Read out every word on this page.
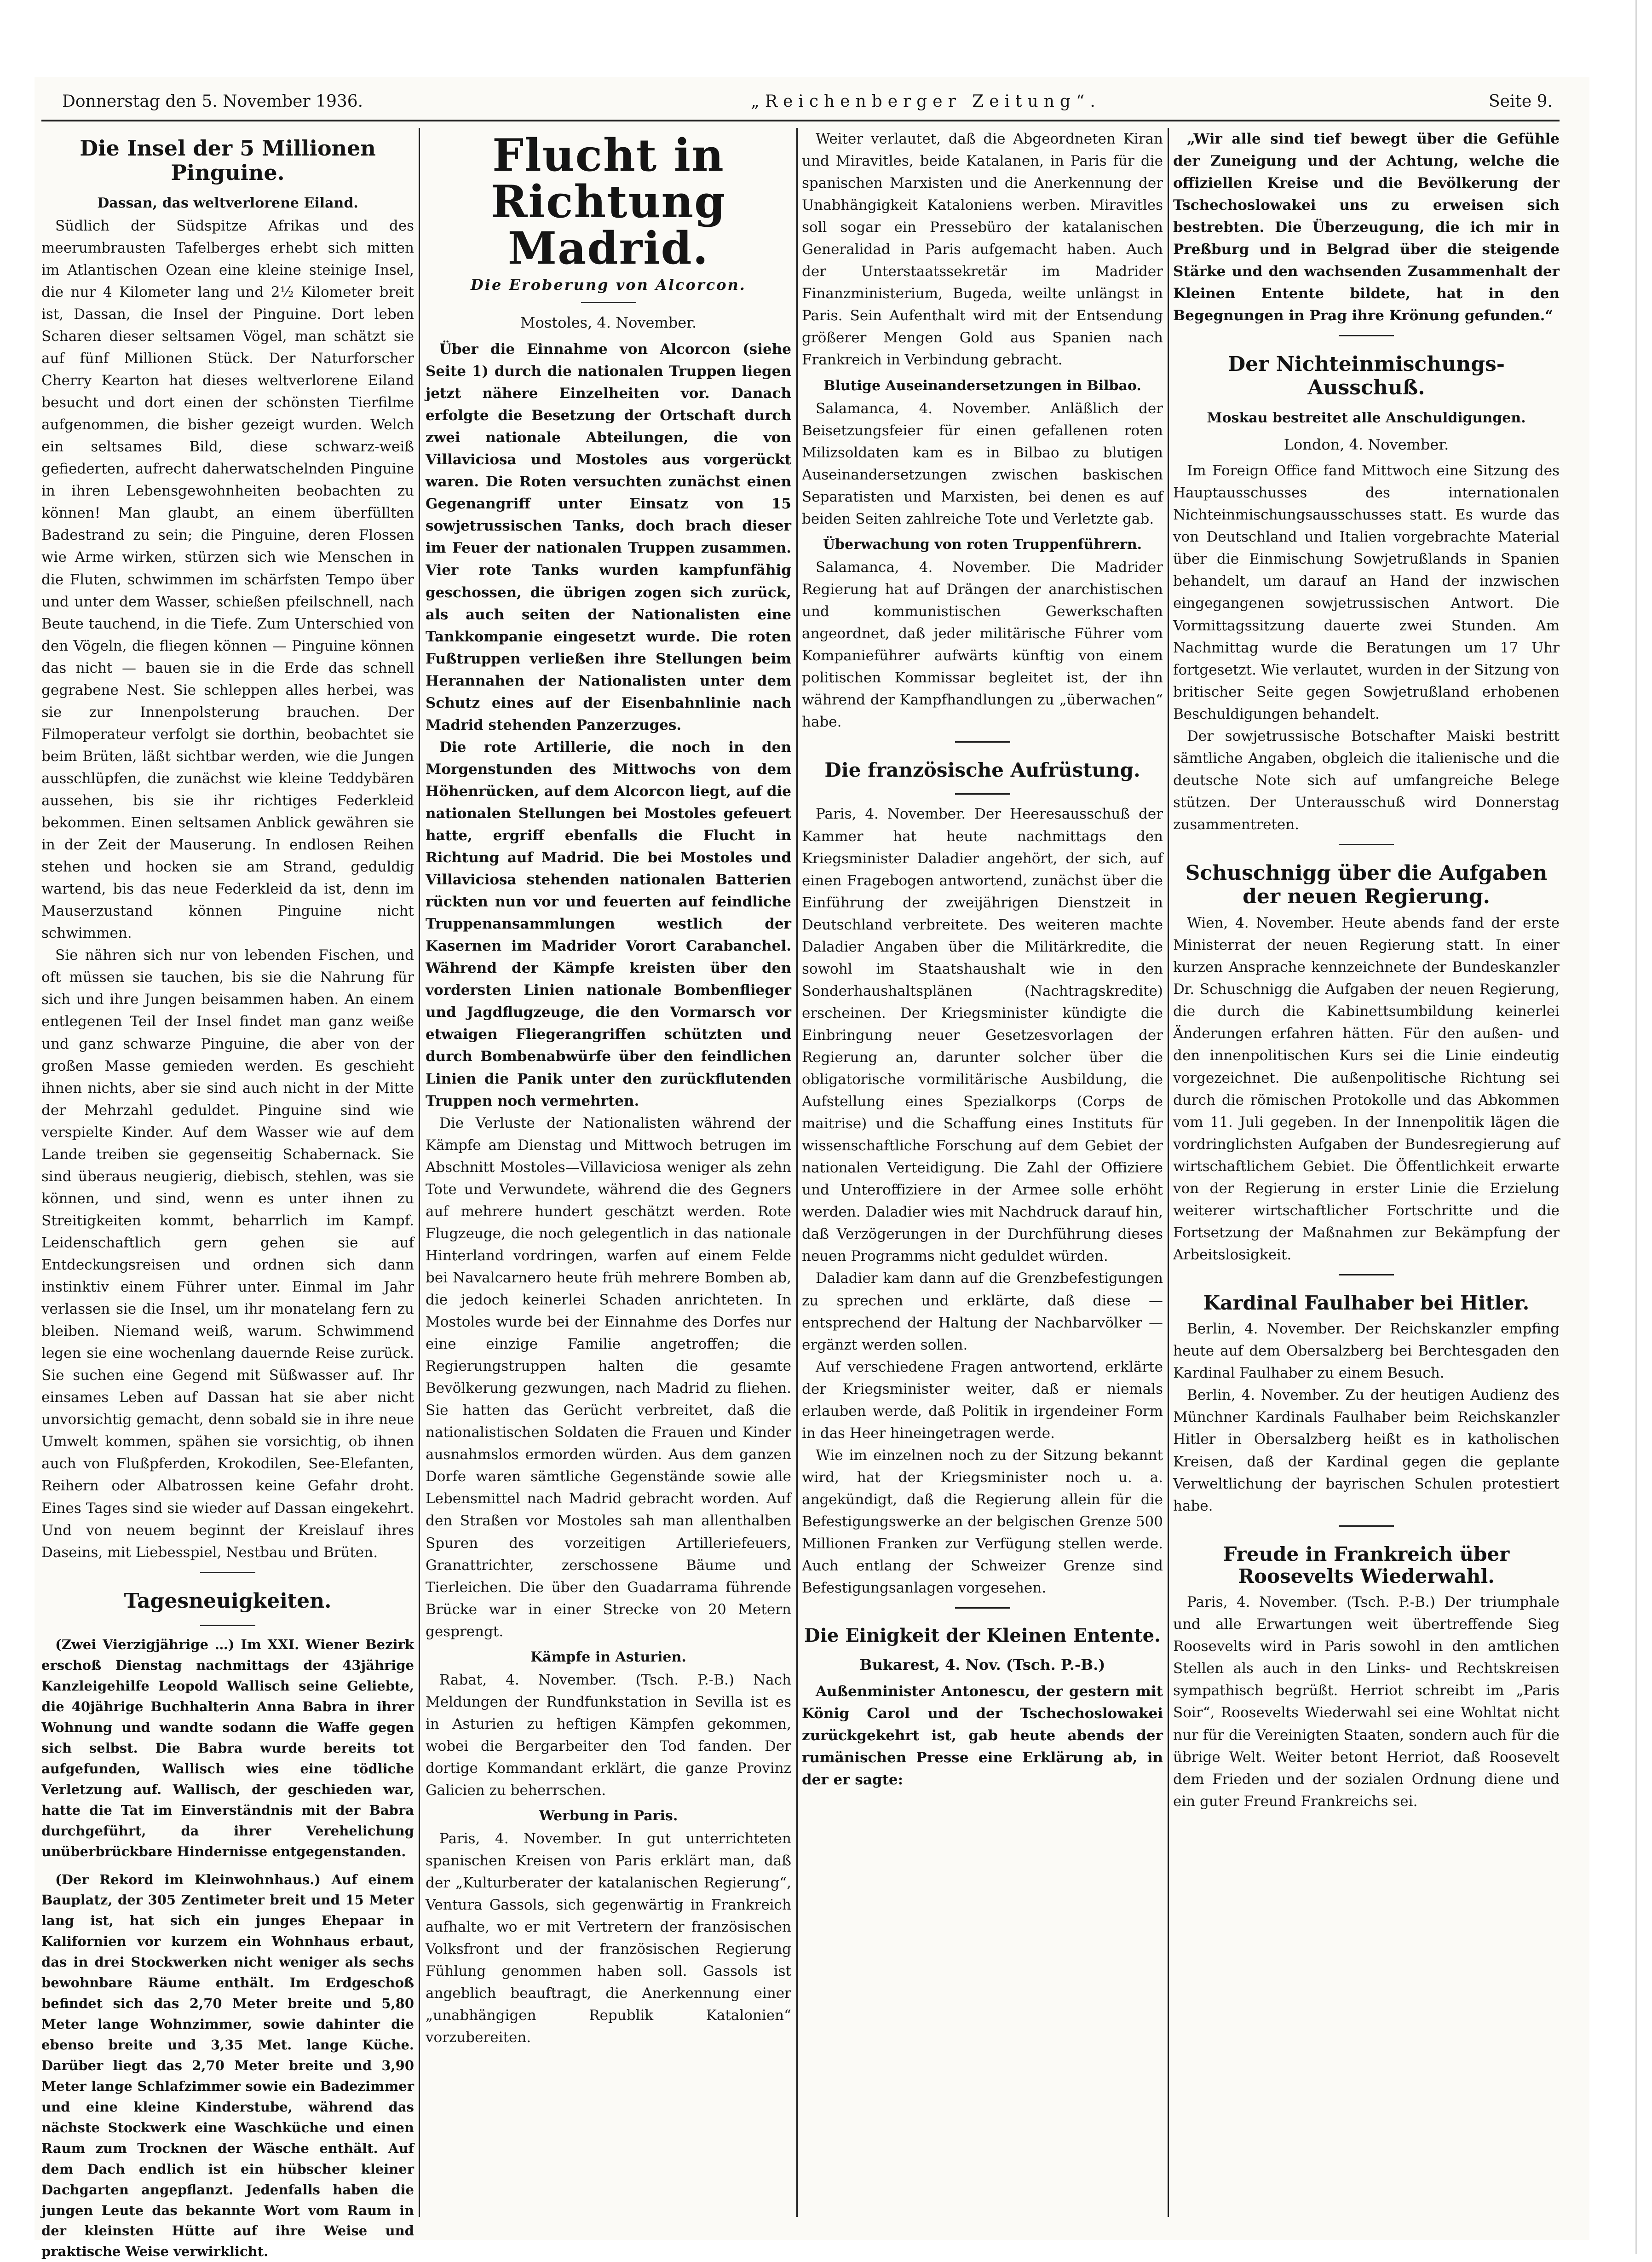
Donnerstag den 5. November 1936.	„Reichenberger Zeitung“.	Seite 9.
Die Insel der 5 Millionen Pinguine.
Dassan, das weltverlorene Eiland.

Südlich der Südspitze Afrikas und des meerumbrausten Tafelberges erhebt sich mitten im Atlantischen Ozean eine kleine steinige Insel, die nur 4 Kilometer lang und 2½ Kilometer breit ist, Dassan, die Insel der Pinguine. Dort leben Scharen dieser seltsamen Vögel, man schätzt sie auf fünf Millionen Stück. Der Naturforscher Cherry Kearton hat dieses weltverlorene Eiland besucht und dort einen der schönsten Tierfilme aufgenommen, die bisher gezeigt wurden. Welch ein seltsames Bild, diese schwarz-weiß gefiederten, aufrecht daherwatschelnden Pinguine in ihren Lebensgewohnheiten beobachten zu können! Man glaubt, an einem überfüllten Badestrand zu sein; die Pinguine, deren Flossen wie Arme wirken, stürzen sich wie Menschen in die Fluten, schwimmen im schärfsten Tempo über und unter dem Wasser, schießen pfeilschnell, nach Beute tauchend, in die Tiefe. Zum Unterschied von den Vögeln, die fliegen können — Pinguine können das nicht — bauen sie in die Erde das schnell gegrabene Nest. Sie schleppen alles herbei, was sie zur Innenpolsterung brauchen. Der Filmoperateur verfolgt sie dorthin, beobachtet sie beim Brüten, läßt sichtbar werden, wie die Jungen ausschlüpfen, die zunächst wie kleine Teddybären aussehen, bis sie ihr richtiges Federkleid bekommen. Einen seltsamen Anblick gewähren sie in der Zeit der Mauserung. In endlosen Reihen stehen und hocken sie am Strand, geduldig wartend, bis das neue Federkleid da ist, denn im Mauserzustand können Pinguine nicht schwimmen.

Sie nähren sich nur von lebenden Fischen, und oft müssen sie tauchen, bis sie die Nahrung für sich und ihre Jungen beisammen haben. An einem entlegenen Teil der Insel findet man ganz weiße und ganz schwarze Pinguine, die aber von der großen Masse gemieden werden. Es geschieht ihnen nichts, aber sie sind auch nicht in der Mitte der Mehrzahl geduldet. Pinguine sind wie verspielte Kinder. Auf dem Wasser wie auf dem Lande treiben sie gegenseitig Schabernack. Sie sind überaus neugierig, diebisch, stehlen, was sie können, und sind, wenn es unter ihnen zu Streitigkeiten kommt, beharrlich im Kampf. Leidenschaftlich gern gehen sie auf Entdeckungsreisen und ordnen sich dann instinktiv einem Führer unter. Einmal im Jahr verlassen sie die Insel, um ihr monatelang fern zu bleiben. Niemand weiß, warum. Schwimmend legen sie eine wochenlang dauernde Reise zurück. Sie suchen eine Gegend mit Süßwasser auf. Ihr einsames Leben auf Dassan hat sie aber nicht unvorsichtig gemacht, denn sobald sie in ihre neue Umwelt kommen, spähen sie vorsichtig, ob ihnen auch von Flußpferden, Krokodilen, See-Elefanten, Reihern oder Albatrossen keine Gefahr droht. Eines Tages sind sie wieder auf Dassan eingekehrt. Und von neuem beginnt der Kreislauf ihres Daseins, mit Liebesspiel, Nestbau und Brüten.

Tagesneuigkeiten.

(Zwei Vierzigjährige …) Im XXI. Wiener Bezirk erschoß Dienstag nachmittags der 43jährige Kanzleigehilfe Leopold Wallisch seine Geliebte, die 40jährige Buchhalterin Anna Babra in ihrer Wohnung und wandte sodann die Waffe gegen sich selbst. Die Babra wurde bereits tot aufgefunden, Wallisch wies eine tödliche Verletzung auf. Wallisch, der geschieden war, hatte die Tat im Einverständnis mit der Babra durchgeführt, da ihrer Verehelichung unüberbrückbare Hindernisse entgegenstanden.

(Der Rekord im Kleinwohnhaus.) Auf einem Bauplatz, der 305 Zentimeter breit und 15 Meter lang ist, hat sich ein junges Ehepaar in Kalifornien vor kurzem ein Wohnhaus erbaut, das in drei Stockwerken nicht weniger als sechs bewohnbare Räume enthält. Im Erdgeschoß befindet sich das 2,70 Meter breite und 5,80 Meter lange Wohnzimmer, sowie dahinter die ebenso breite und 3,35 Met. lange Küche. Darüber liegt das 2,70 Meter breite und 3,90 Meter lange Schlafzimmer sowie ein Badezimmer und eine kleine Kinderstube, während das nächste Stockwerk eine Waschküche und einen Raum zum Trocknen der Wäsche enthält. Auf dem Dach endlich ist ein hübscher kleiner Dachgarten angepflanzt. Jedenfalls haben die jungen Leute das bekannte Wort vom Raum in der kleinsten Hütte auf ihre Weise und praktische Weise verwirklicht.

Flucht in Richtung Madrid.
Die Eroberung von Alcorcon.

Mostoles, 4. November.

Über die Einnahme von Alcorcon (siehe Seite 1) durch die nationalen Truppen liegen jetzt nähere Einzelheiten vor. Danach erfolgte die Besetzung der Ortschaft durch zwei nationale Abteilungen, die von Villaviciosa und Mostoles aus vorgerückt waren. Die Roten versuchten zunächst einen Gegenangriff unter Einsatz von 15 sowjetrussischen Tanks, doch brach dieser im Feuer der nationalen Truppen zusammen. Vier rote Tanks wurden kampfunfähig geschossen, die übrigen zogen sich zurück, als auch seiten der Nationalisten eine Tankkompanie eingesetzt wurde. Die roten Fußtruppen verließen ihre Stellungen beim Herannahen der Nationalisten unter dem Schutz eines auf der Eisenbahnlinie nach Madrid stehenden Panzerzuges.

Die rote Artillerie, die noch in den Morgenstunden des Mittwochs von dem Höhenrücken, auf dem Alcorcon liegt, auf die nationalen Stellungen bei Mostoles gefeuert hatte, ergriff ebenfalls die Flucht in Richtung auf Madrid. Die bei Mostoles und Villaviciosa stehenden nationalen Batterien rückten nun vor und feuerten auf feindliche Truppenansammlungen westlich der Kasernen im Madrider Vorort Carabanchel. Während der Kämpfe kreisten über den vordersten Linien nationale Bombenflieger und Jagdflugzeuge, die den Vormarsch vor etwaigen Fliegerangriffen schützten und durch Bombenabwürfe über den feindlichen Linien die Panik unter den zurückflutenden Truppen noch vermehrten.

Die Verluste der Nationalisten während der Kämpfe am Dienstag und Mittwoch betrugen im Abschnitt Mostoles—Villaviciosa weniger als zehn Tote und Verwundete, während die des Gegners auf mehrere hundert geschätzt werden. Rote Flugzeuge, die noch gelegentlich in das nationale Hinterland vordringen, warfen auf einem Felde bei Navalcarnero heute früh mehrere Bomben ab, die jedoch keinerlei Schaden anrichteten. In Mostoles wurde bei der Einnahme des Dorfes nur eine einzige Familie angetroffen; die Regierungstruppen halten die gesamte Bevölkerung gezwungen, nach Madrid zu fliehen. Sie hatten das Gerücht verbreitet, daß die nationalistischen Soldaten die Frauen und Kinder ausnahmslos ermorden würden. Aus dem ganzen Dorfe waren sämtliche Gegenstände sowie alle Lebensmittel nach Madrid gebracht worden. Auf den Straßen vor Mostoles sah man allenthalben Spuren des vorzeitigen Artilleriefeuers, Granattrichter, zerschossene Bäume und Tierleichen. Die über den Guadarrama führende Brücke war in einer Strecke von 20 Metern gesprengt.

Kämpfe in Asturien.

Rabat, 4. November. (Tsch. P.-B.) Nach Meldungen der Rundfunkstation in Sevilla ist es in Asturien zu heftigen Kämpfen gekommen, wobei die Bergarbeiter den Tod fanden. Der dortige Kommandant erklärt, die ganze Provinz Galicien zu beherrschen.

Werbung in Paris.

Paris, 4. November. In gut unterrichteten spanischen Kreisen von Paris erklärt man, daß der „Kulturberater der katalanischen Regierung“, Ventura Gassols, sich gegenwärtig in Frankreich aufhalte, wo er mit Vertretern der französischen Volksfront und der französischen Regierung Fühlung genommen haben soll. Gassols ist angeblich beauftragt, die Anerkennung einer „unabhängigen Republik Katalonien“ vorzubereiten.

Weiter verlautet, daß die Abgeordneten Kiran und Miravitles, beide Katalanen, in Paris für die spanischen Marxisten und die Anerkennung der Unabhängigkeit Kataloniens werben. Miravitles soll sogar ein Pressebüro der katalanischen Generalidad in Paris aufgemacht haben. Auch der Unterstaatssekretär im Madrider Finanzministerium, Bugeda, weilte unlängst in Paris. Sein Aufenthalt wird mit der Entsendung größerer Mengen Gold aus Spanien nach Frankreich in Verbindung gebracht.

Blutige Auseinandersetzungen in Bilbao.

Salamanca, 4. November. Anläßlich der Beisetzungsfeier für einen gefallenen roten Milizsoldaten kam es in Bilbao zu blutigen Auseinandersetzungen zwischen baskischen Separatisten und Marxisten, bei denen es auf beiden Seiten zahlreiche Tote und Verletzte gab.

Überwachung von roten Truppenführern.

Salamanca, 4. November. Die Madrider Regierung hat auf Drängen der anarchistischen und kommunistischen Gewerkschaften angeordnet, daß jeder militärische Führer vom Kompanieführer aufwärts künftig von einem politischen Kommissar begleitet ist, der ihn während der Kampfhandlungen zu „überwachen“ habe.

Die französische Aufrüstung.

Paris, 4. November. Der Heeresausschuß der Kammer hat heute nachmittags den Kriegsminister Daladier angehört, der sich, auf einen Fragebogen antwortend, zunächst über die Einführung der zweijährigen Dienstzeit in Deutschland verbreitete. Des weiteren machte Daladier Angaben über die Militärkredite, die sowohl im Staatshaushalt wie in den Sonderhaushaltsplänen (Nachtragskredite) erscheinen. Der Kriegsminister kündigte die Einbringung neuer Gesetzesvorlagen der Regierung an, darunter solcher über die obligatorische vormilitärische Ausbildung, die Aufstellung eines Spezialkorps (Corps de maitrise) und die Schaffung eines Instituts für wissenschaftliche Forschung auf dem Gebiet der nationalen Verteidigung. Die Zahl der Offiziere und Unteroffiziere in der Armee solle erhöht werden. Daladier wies mit Nachdruck darauf hin, daß Verzögerungen in der Durchführung dieses neuen Programms nicht geduldet würden.

Daladier kam dann auf die Grenzbefestigungen zu sprechen und erklärte, daß diese — entsprechend der Haltung der Nachbarvölker — ergänzt werden sollen.

Auf verschiedene Fragen antwortend, erklärte der Kriegsminister weiter, daß er niemals erlauben werde, daß Politik in irgendeiner Form in das Heer hineingetragen werde.

Wie im einzelnen noch zu der Sitzung bekannt wird, hat der Kriegsminister noch u. a. angekündigt, daß die Regierung allein für die Befestigungswerke an der belgischen Grenze 500 Millionen Franken zur Verfügung stellen werde. Auch entlang der Schweizer Grenze sind Befestigungsanlagen vorgesehen.

Die Einigkeit der Kleinen Entente.

Bukarest, 4. Nov. (Tsch. P.-B.)

Außenminister Antonescu, der gestern mit König Carol und der Tschechoslowakei zurückgekehrt ist, gab heute abends der rumänischen Presse eine Erklärung ab, in der er sagte:

„Wir alle sind tief bewegt über die Gefühle der Zuneigung und der Achtung, welche die offiziellen Kreise und die Bevölkerung der Tschechoslowakei uns zu erweisen sich bestrebten. Die Überzeugung, die ich mir in Preßburg und in Belgrad über die steigende Stärke und den wachsenden Zusammenhalt der Kleinen Entente bildete, hat in den Begegnungen in Prag ihre Krönung gefunden.“

Der Nichteinmischungs-Ausschuß.
Moskau bestreitet alle Anschuldigungen.

London, 4. November.

Im Foreign Office fand Mittwoch eine Sitzung des Hauptausschusses des internationalen Nichteinmischungsausschusses statt. Es wurde das von Deutschland und Italien vorgebrachte Material über die Einmischung Sowjetrußlands in Spanien behandelt, um darauf an Hand der inzwischen eingegangenen sowjetrussischen Antwort. Die Vormittagssitzung dauerte zwei Stunden. Am Nachmittag wurde die Beratungen um 17 Uhr fortgesetzt. Wie verlautet, wurden in der Sitzung von britischer Seite gegen Sowjetrußland erhobenen Beschuldigungen behandelt.

Der sowjetrussische Botschafter Maiski bestritt sämtliche Angaben, obgleich die italienische und die deutsche Note sich auf umfangreiche Belege stützen. Der Unterausschuß wird Donnerstag zusammentreten.

Schuschnigg über die Aufgaben der neuen Regierung.

Wien, 4. November. Heute abends fand der erste Ministerrat der neuen Regierung statt. In einer kurzen Ansprache kennzeichnete der Bundeskanzler Dr. Schuschnigg die Aufgaben der neuen Regierung, die durch die Kabinettsumbildung keinerlei Änderungen erfahren hätten. Für den außen- und den innenpolitischen Kurs sei die Linie eindeutig vorgezeichnet. Die außenpolitische Richtung sei durch die römischen Protokolle und das Abkommen vom 11. Juli gegeben. In der Innenpolitik lägen die vordringlichsten Aufgaben der Bundesregierung auf wirtschaftlichem Gebiet. Die Öffentlichkeit erwarte von der Regierung in erster Linie die Erzielung weiterer wirtschaftlicher Fortschritte und die Fortsetzung der Maßnahmen zur Bekämpfung der Arbeitslosigkeit.

Kardinal Faulhaber bei Hitler.

Berlin, 4. November. Der Reichskanzler empfing heute auf dem Obersalzberg bei Berchtesgaden den Kardinal Faulhaber zu einem Besuch.

Berlin, 4. November. Zu der heutigen Audienz des Münchner Kardinals Faulhaber beim Reichskanzler Hitler in Obersalzberg heißt es in katholischen Kreisen, daß der Kardinal gegen die geplante Verweltlichung der bayrischen Schulen protestiert habe.

Freude in Frankreich über Roosevelts Wiederwahl.

Paris, 4. November. (Tsch. P.-B.) Der triumphale und alle Erwartungen weit übertreffende Sieg Roosevelts wird in Paris sowohl in den amtlichen Stellen als auch in den Links- und Rechtskreisen sympathisch begrüßt. Herriot schreibt im „Paris Soir“, Roosevelts Wiederwahl sei eine Wohltat nicht nur für die Vereinigten Staaten, sondern auch für die übrige Welt. Weiter betont Herriot, daß Roosevelt dem Frieden und der sozialen Ordnung diene und ein guter Freund Frankreichs sei.
